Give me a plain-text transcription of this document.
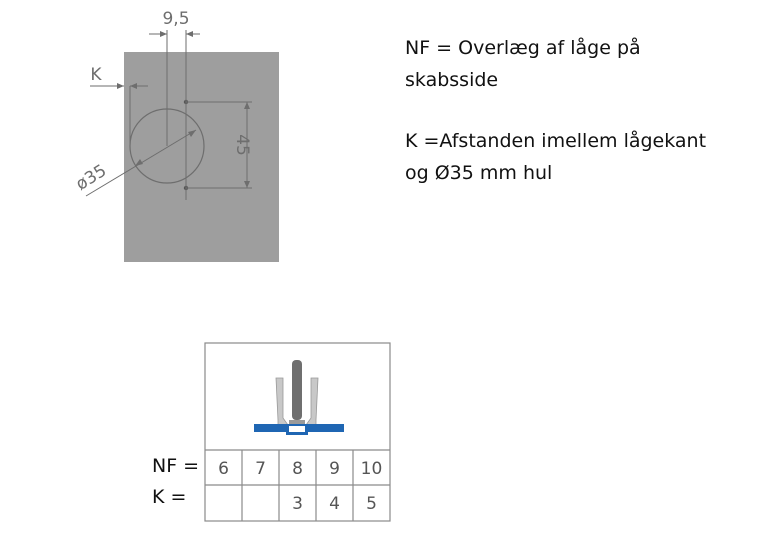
9,5
K
ø35
45
6 7 8 9 10
3 4 5

NF = Overlæg af låge på

skabsside

K =Afstanden imellem lågekant

og Ø35 mm hul

NF =
K =
